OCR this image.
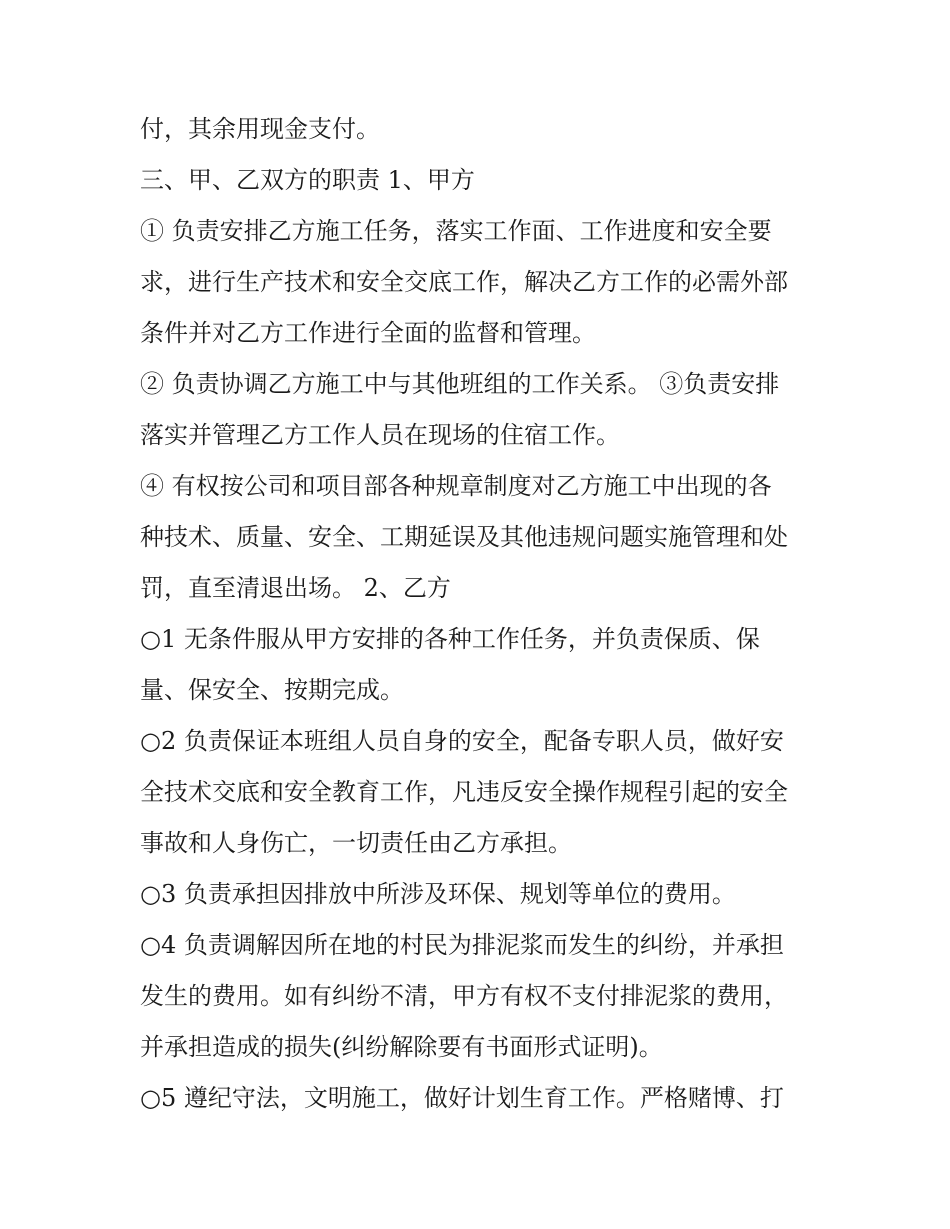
付，其余用现金支付。
三、甲、乙双方的职责 1、甲方
① 负责安排乙方施工任务，落实工作面、工作进度和安全要
求，进行生产技术和安全交底工作，解决乙方工作的必需外部
条件并对乙方工作进行全面的监督和管理。
② 负责协调乙方施工中与其他班组的工作关系。 ③负责安排
落实并管理乙方工作人员在现场的住宿工作。
④ 有权按公司和项目部各种规章制度对乙方施工中出现的各
种技术、质量、安全、工期延误及其他违规问题实施管理和处
罚，直至清退出场。 2、乙方
○1 无条件服从甲方安排的各种工作任务，并负责保质、保
量、保安全、按期完成。
○2 负责保证本班组人员自身的安全，配备专职人员，做好安
全技术交底和安全教育工作，凡违反安全操作规程引起的安全
事故和人身伤亡，一切责任由乙方承担。
○3 负责承担因排放中所涉及环保、规划等单位的费用。
○4 负责调解因所在地的村民为排泥浆而发生的纠纷，并承担
发生的费用。如有纠纷不清，甲方有权不支付排泥浆的费用，
并承担造成的损失(纠纷解除要有书面形式证明)。
○5 遵纪守法，文明施工，做好计划生育工作。严格赌博、打
